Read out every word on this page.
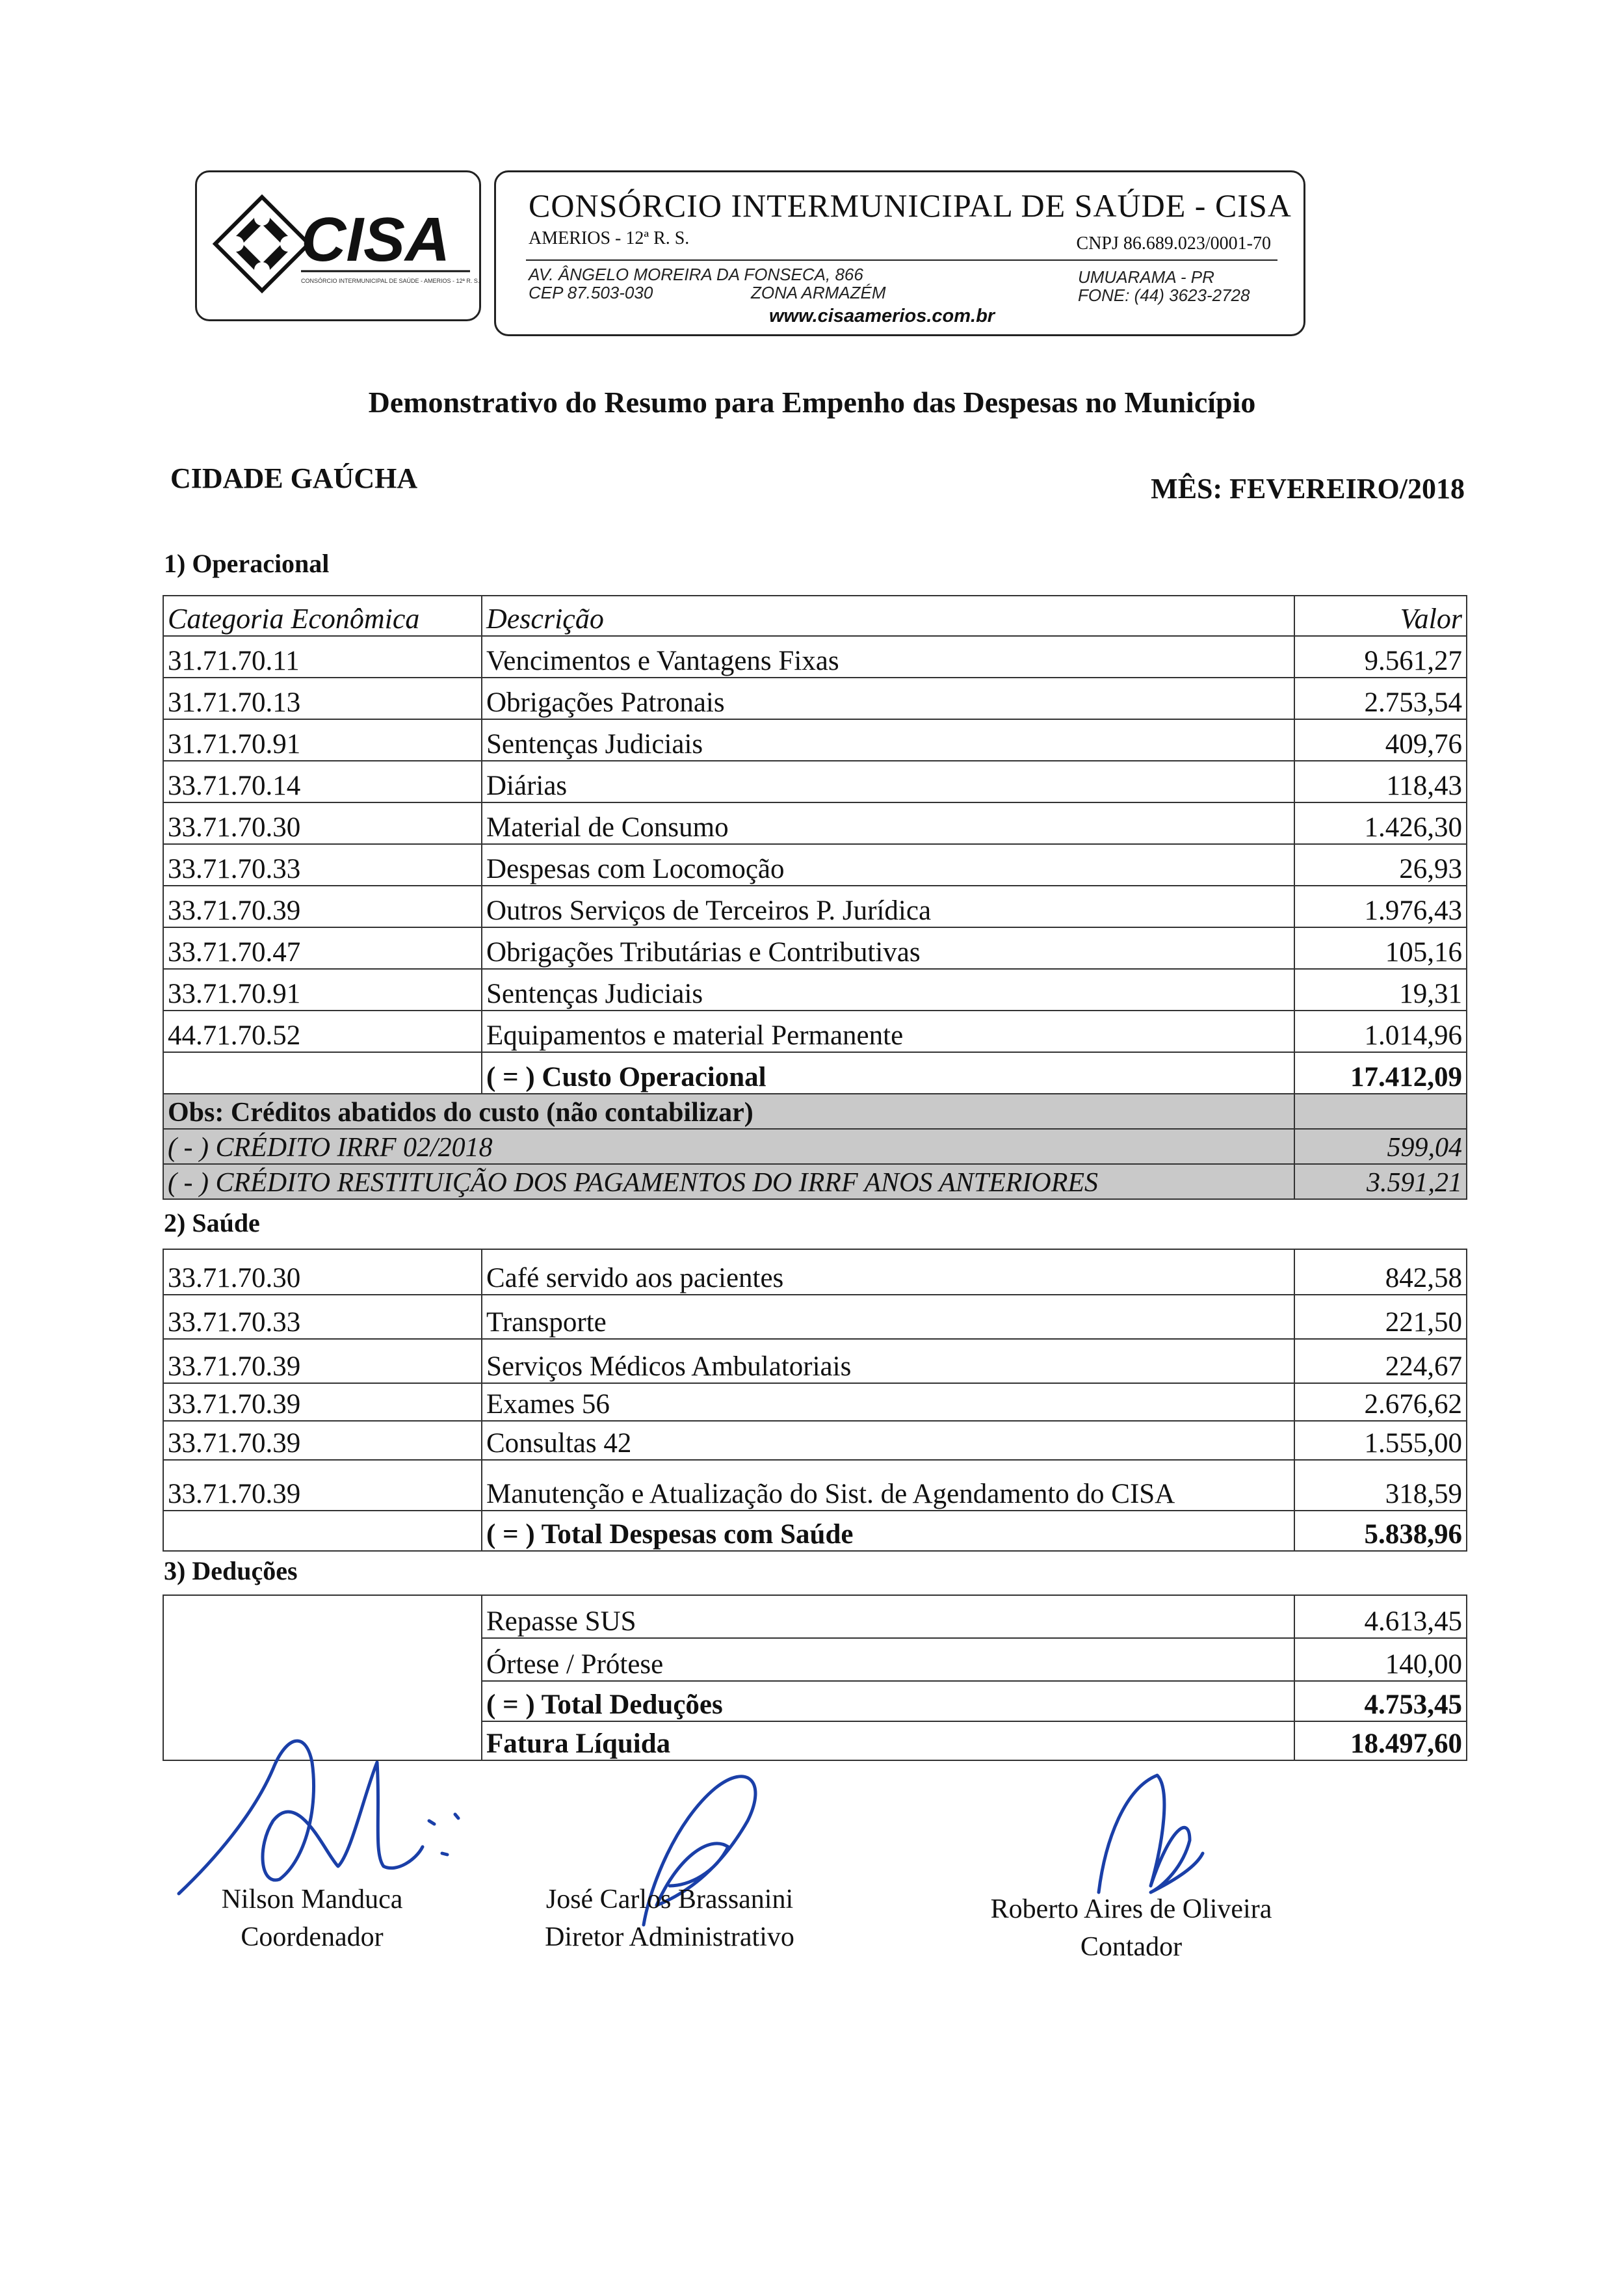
CISA
CONSÓRCIO INTERMUNICIPAL DE SAÚDE - AMERIOS - 12ª R. S.
CONSÓRCIO INTERMUNICIPAL DE SAÚDE - CISA
AMERIOS - 12ª R. S.	CNPJ 86.689.023/0001-70
AV. ÂNGELO MOREIRA DA FONSECA, 866
CEP 87.503-030	ZONA ARMAZÉM
UMUARAMA - PR
FONE: (44) 3623-2728
www.cisaamerios.com.br
Demonstrativo do Resumo para Empenho das Despesas no Município
CIDADE GAÚCHA	MÊS: FEVEREIRO/2018
1) Operacional
Categoria Econômica	Descrição	Valor
31.71.70.11	Vencimentos e Vantagens Fixas	9.561,27
31.71.70.13	Obrigações Patronais	2.753,54
31.71.70.91	Sentenças Judiciais	409,76
33.71.70.14	Diárias	118,43
33.71.70.30	Material de Consumo	1.426,30
33.71.70.33	Despesas com Locomoção	26,93
33.71.70.39	Outros Serviços de Terceiros P. Jurídica	1.976,43
33.71.70.47	Obrigações Tributárias e Contributivas	105,16
33.71.70.91	Sentenças Judiciais	19,31
44.71.70.52	Equipamentos e material Permanente	1.014,96
	( = ) Custo Operacional	17.412,09
Obs: Créditos abatidos do custo (não contabilizar)		
( - ) CRÉDITO IRRF 02/2018		599,04
( - ) CRÉDITO RESTITUIÇÃO DOS PAGAMENTOS DO IRRF ANOS ANTERIORES		3.591,21
2) Saúde
33.71.70.30	Café servido aos pacientes	842,58
33.71.70.33	Transporte	221,50
33.71.70.39	Serviços Médicos Ambulatoriais	224,67
33.71.70.39	Exames 56	2.676,62
33.71.70.39	Consultas 42	1.555,00
33.71.70.39	Manutenção e Atualização do Sist. de Agendamento do CISA	318,59
	( = ) Total Despesas com Saúde	5.838,96
3) Deduções
	Repasse SUS	4.613,45
	Órtese / Prótese	140,00
	( = ) Total Deduções	4.753,45
	Fatura Líquida	18.497,60
Nilson Manduca
Coordenador
José Carlos Brassanini
Diretor Administrativo
Roberto Aires de Oliveira
Contador
